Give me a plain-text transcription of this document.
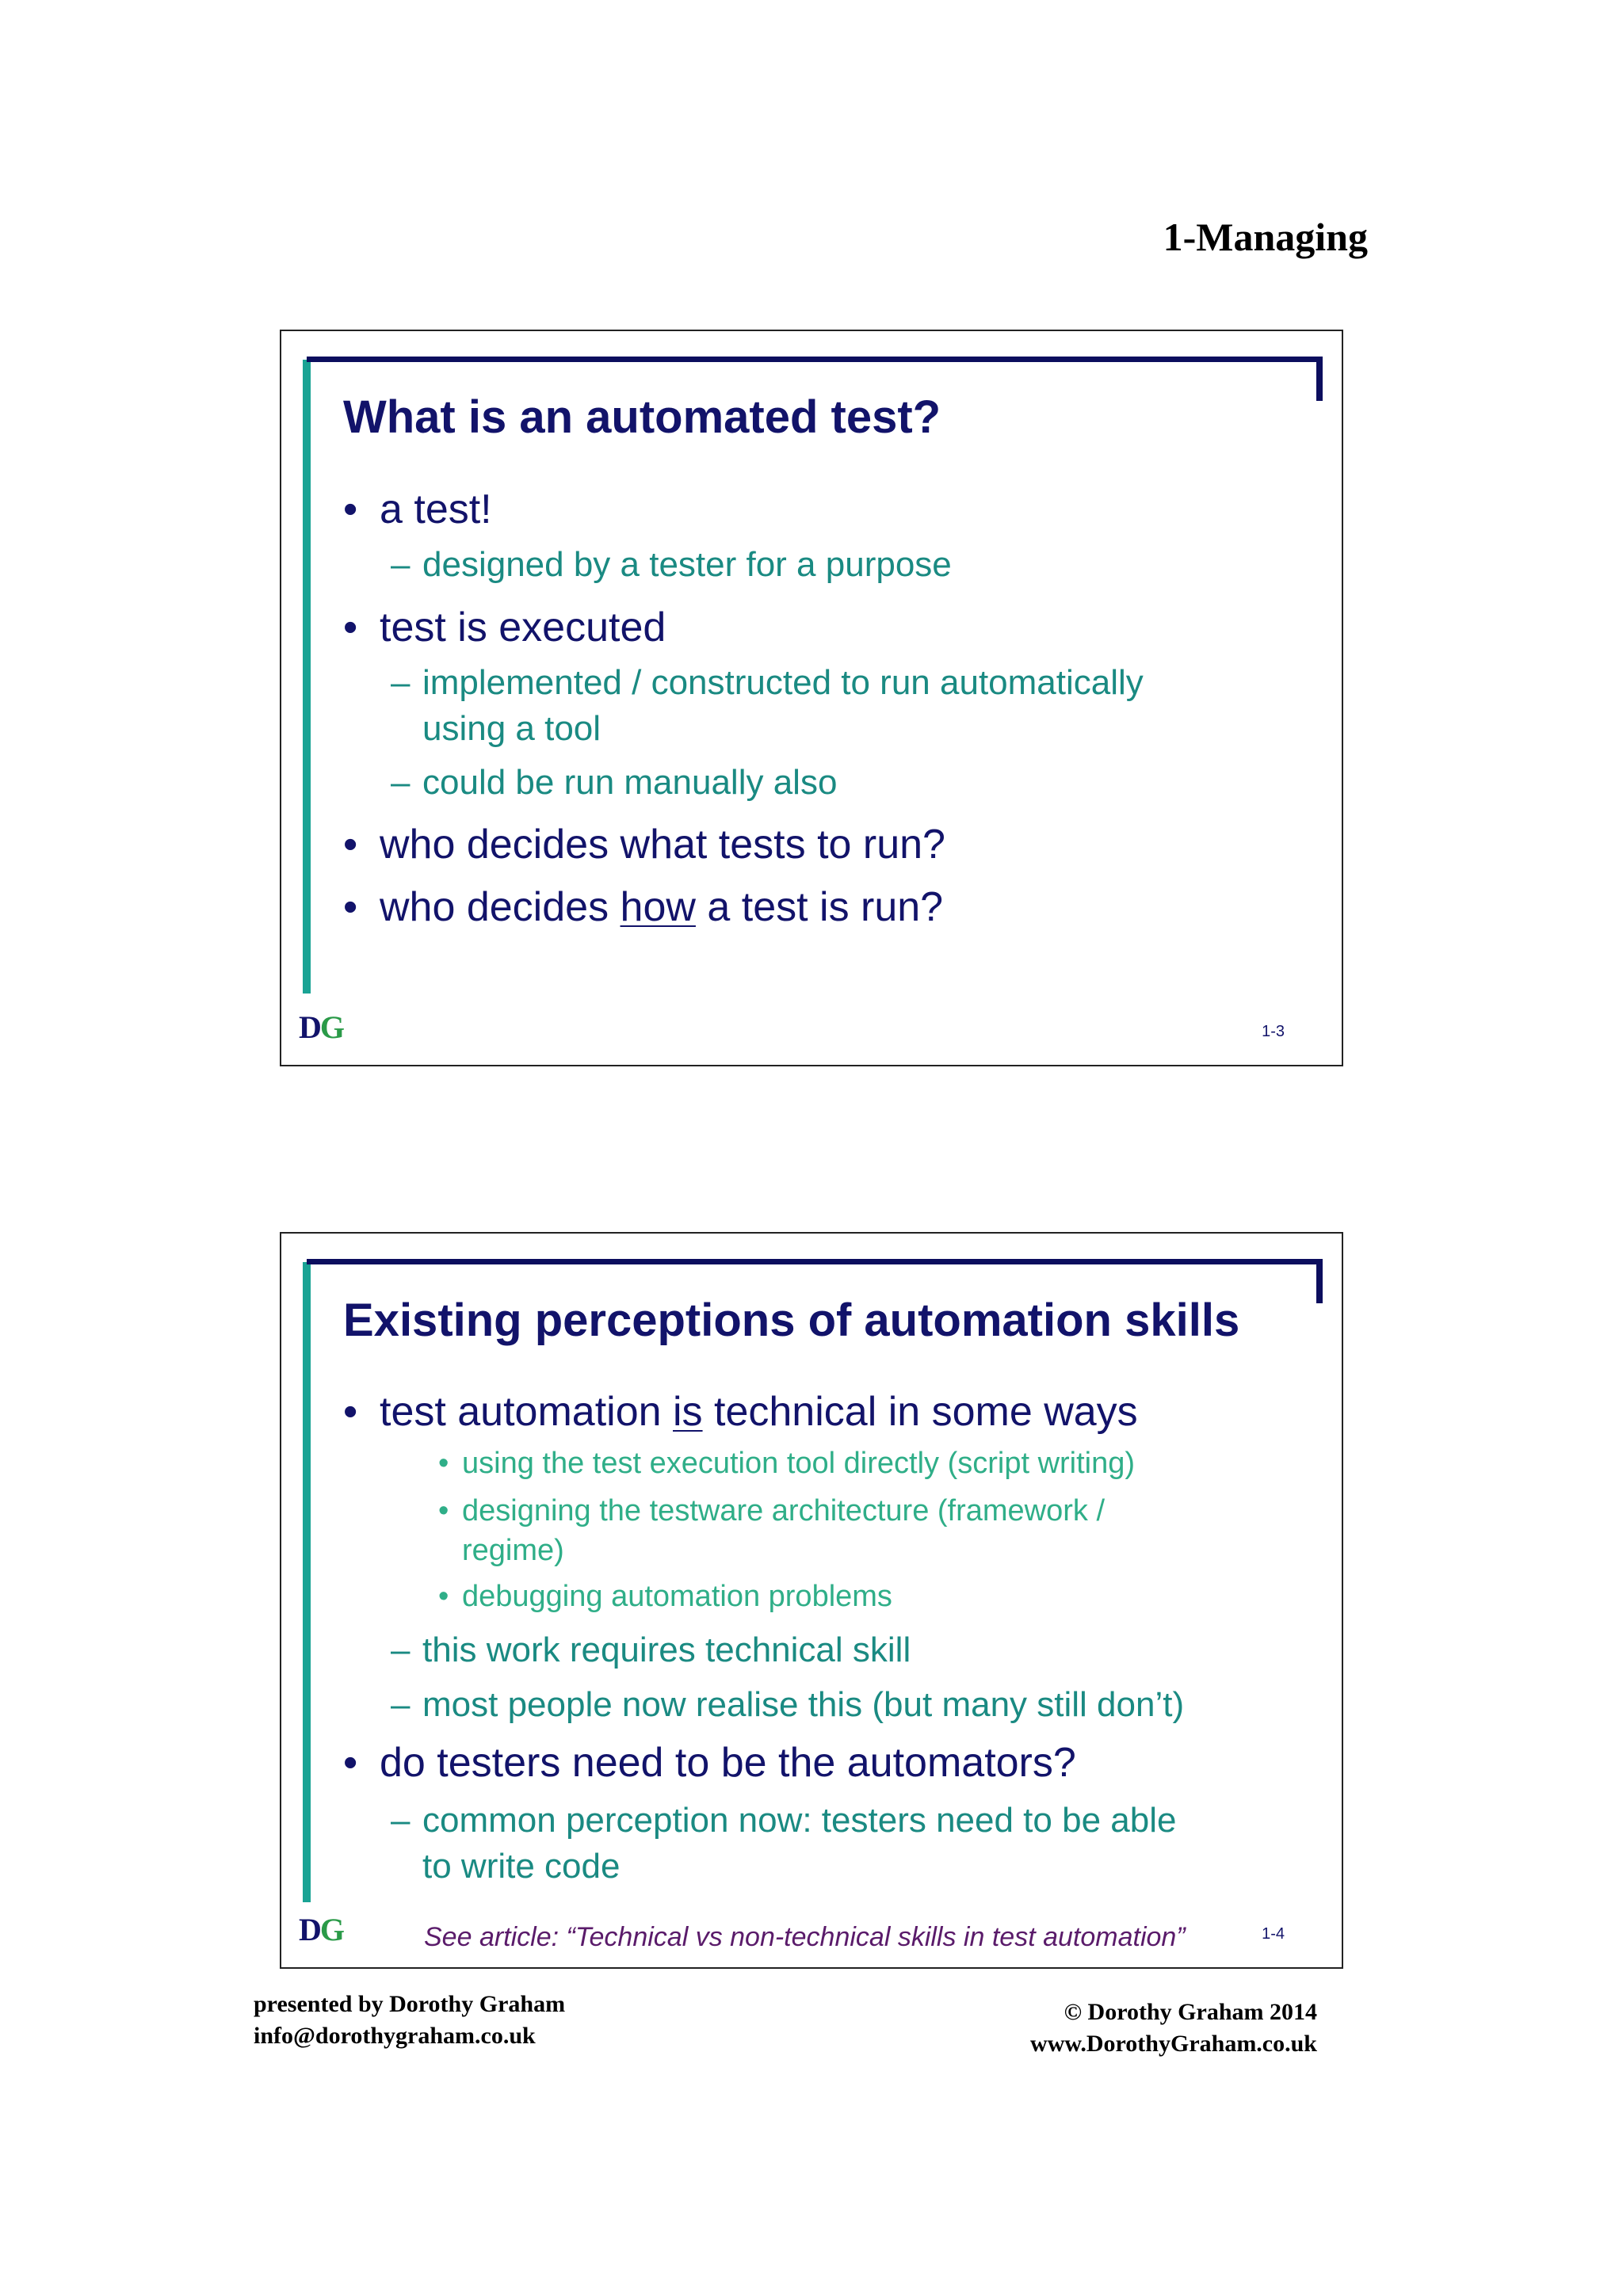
1-Managing
What is an automated test?
• a test!
– designed by a tester for a purpose
• test is executed
– implemented / constructed to run automatically
using a tool
– could be run manually also
• who decides what tests to run?
• who decides how a test is run?
DG	1-3
Existing perceptions of automation skills
• test automation is technical in some ways
• using the test execution tool directly (script writing)
• designing the testware architecture (framework /
regime)
• debugging automation problems
– this work requires technical skill
– most people now realise this (but many still don’t)
• do testers need to be the automators?
– common perception now: testers need to be able
to write code
DG	See article: “Technical vs non-technical skills in test automation”	1-4
presented by Dorothy Graham
info@dorothygraham.co.uk
© Dorothy Graham 2014
www.DorothyGraham.co.uk
